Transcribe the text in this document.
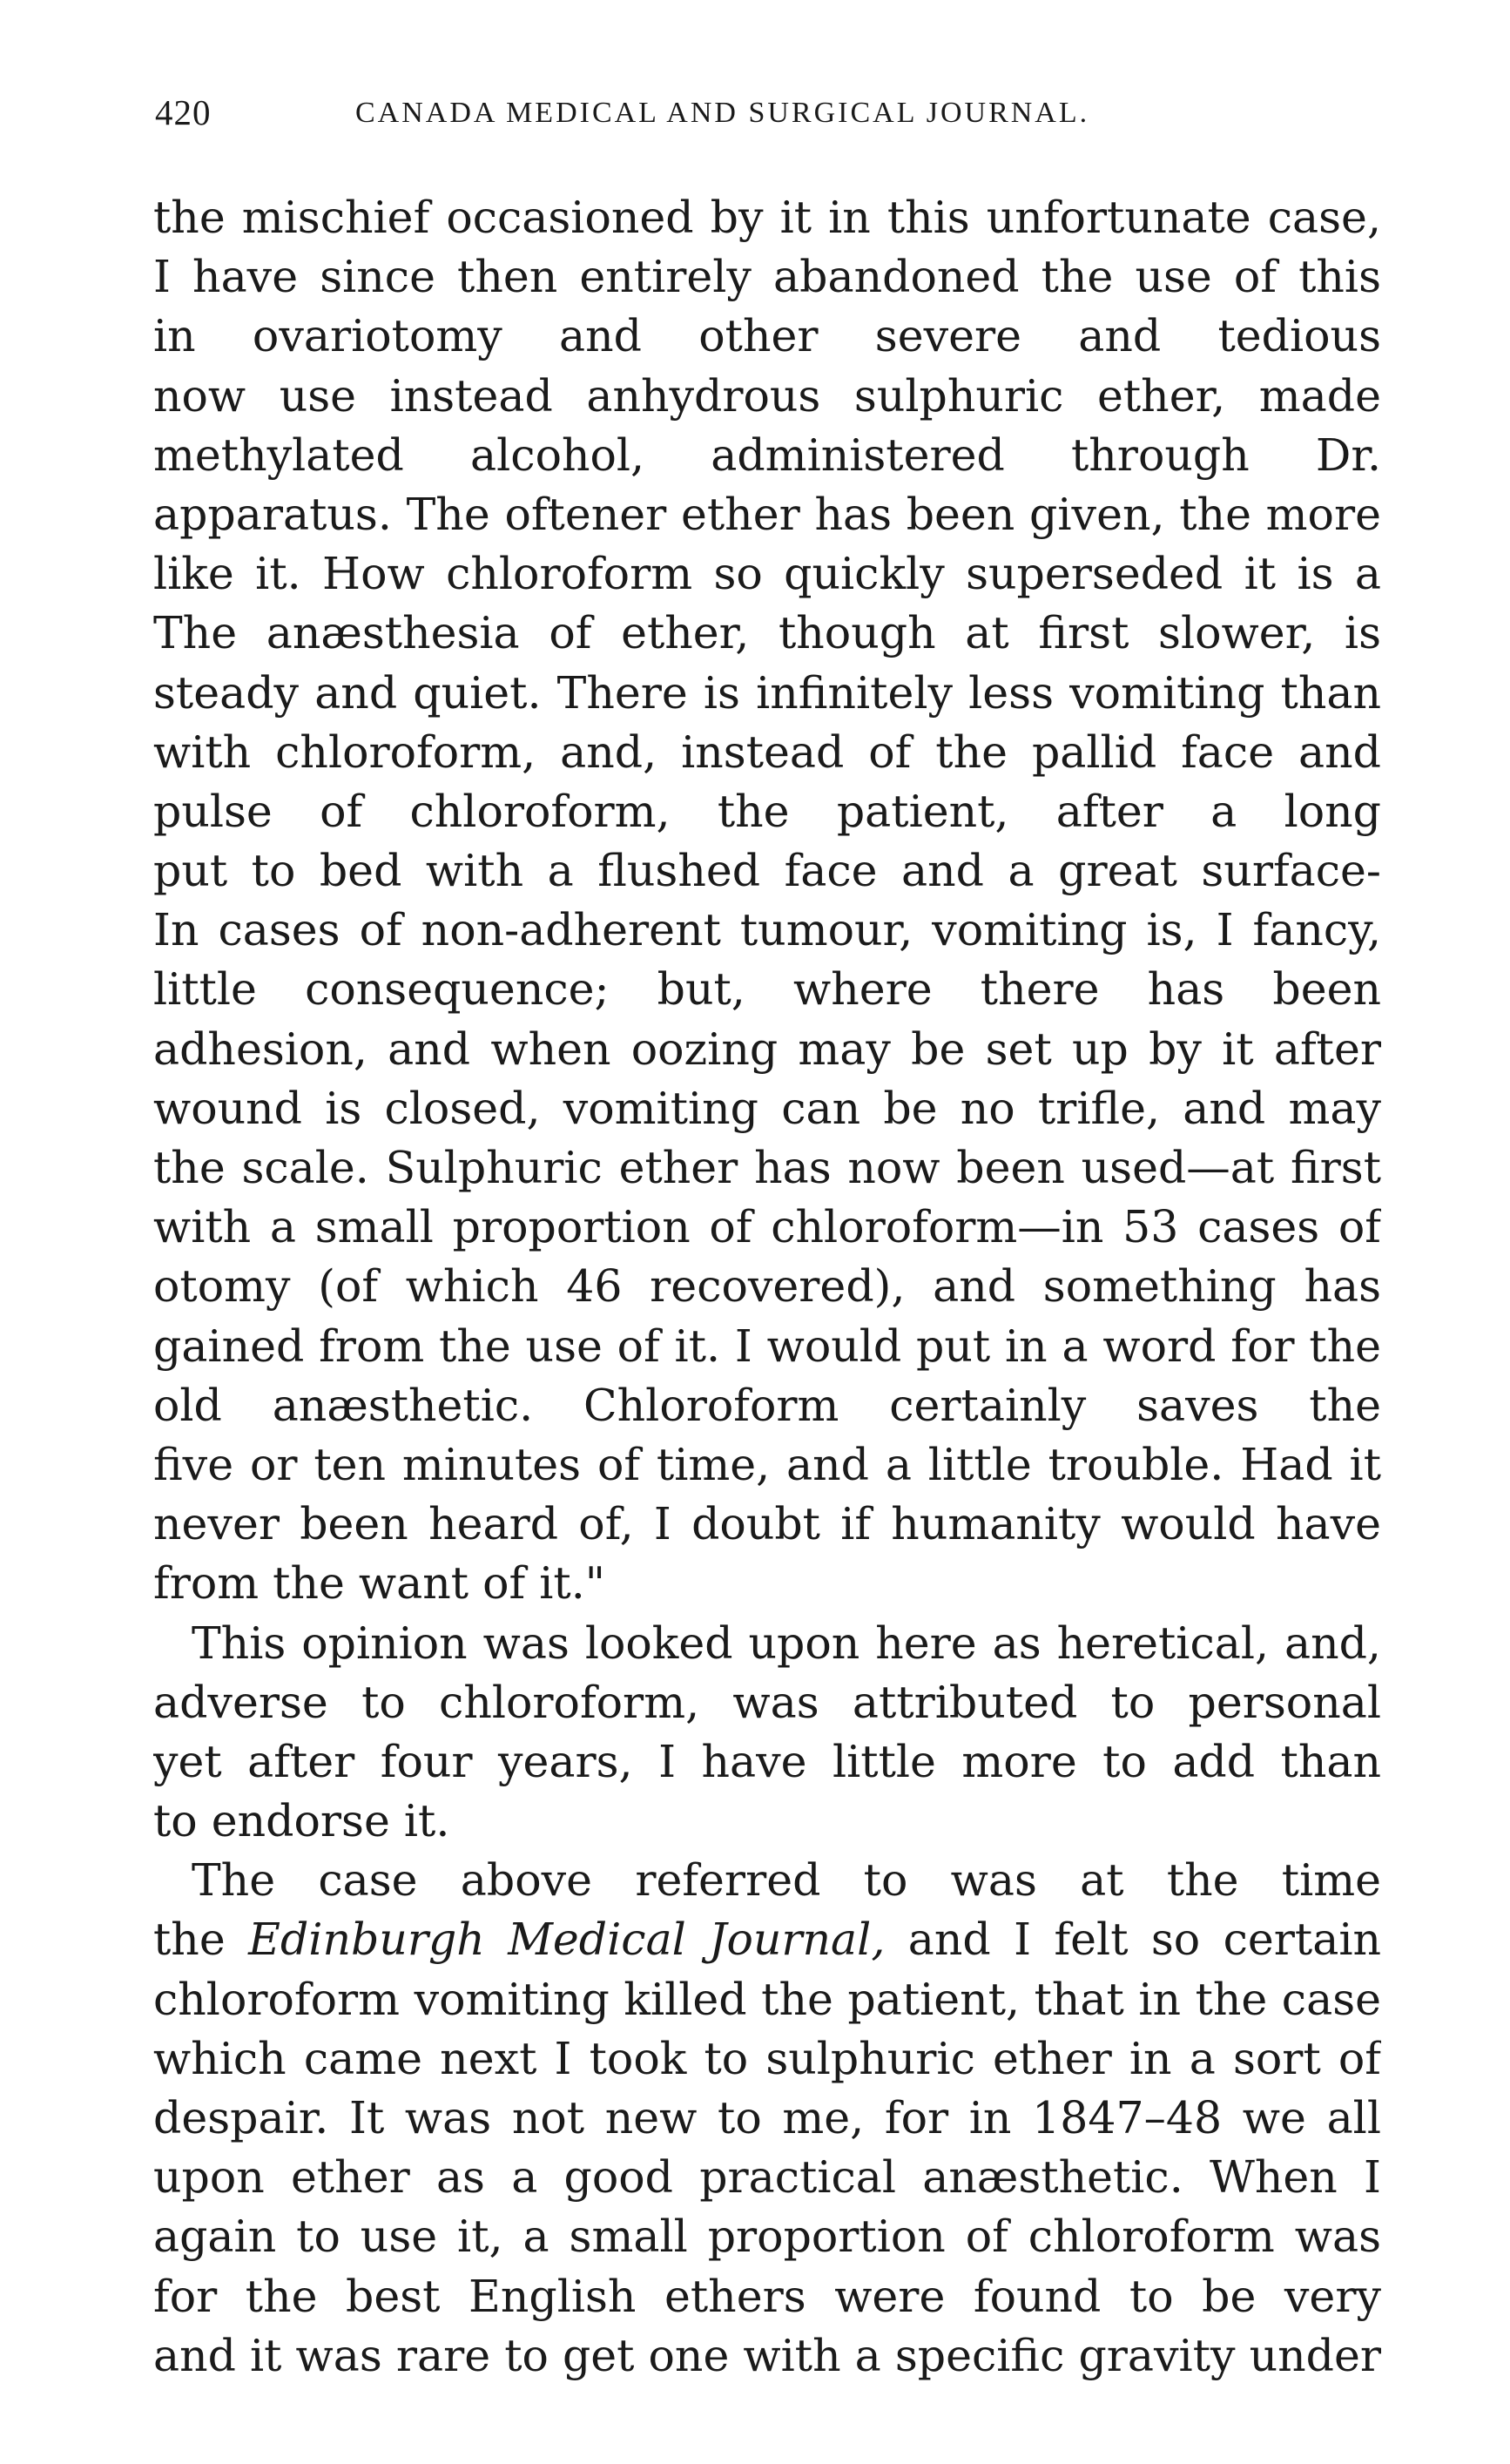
420	CANADA MEDICAL AND SURGICAL JOURNAL.
the mischief occasioned by it in this unfortunate case,
I have since then entirely abandoned the use of this
in ovariotomy and other severe and tedious
now use instead anhydrous sulphuric ether, made
methylated alcohol, administered through Dr.
apparatus. The oftener ether has been given, the more
like it. How chloroform so quickly superseded it is a
The anæsthesia of ether, though at first slower, is
steady and quiet. There is infinitely less vomiting than
with chloroform, and, instead of the pallid face and
pulse of chloroform, the patient, after a long
put to bed with a flushed face and a great surface-
In cases of non-adherent tumour, vomiting is, I fancy,
little consequence; but, where there has been
adhesion, and when oozing may be set up by it after
wound is closed, vomiting can be no trifle, and may
the scale. Sulphuric ether has now been used—at first
with a small proportion of chloroform—in 53 cases of
otomy (of which 46 recovered), and something has
gained from the use of it. I would put in a word for the
old anæsthetic. Chloroform certainly saves the
five or ten minutes of time, and a little trouble. Had it
never been heard of, I doubt if humanity would have
from the want of it."
This opinion was looked upon here as heretical, and,
adverse to chloroform, was attributed to personal
yet after four years, I have little more to add than
to endorse it.
The case above referred to was at the time
the Edinburgh Medical Journal, and I felt so certain
chloroform vomiting killed the patient, that in the case
which came next I took to sulphuric ether in a sort of
despair. It was not new to me, for in 1847–48 we all
upon ether as a good practical anæsthetic. When I
again to use it, a small proportion of chloroform was
for the best English ethers were found to be very
and it was rare to get one with a specific gravity under
